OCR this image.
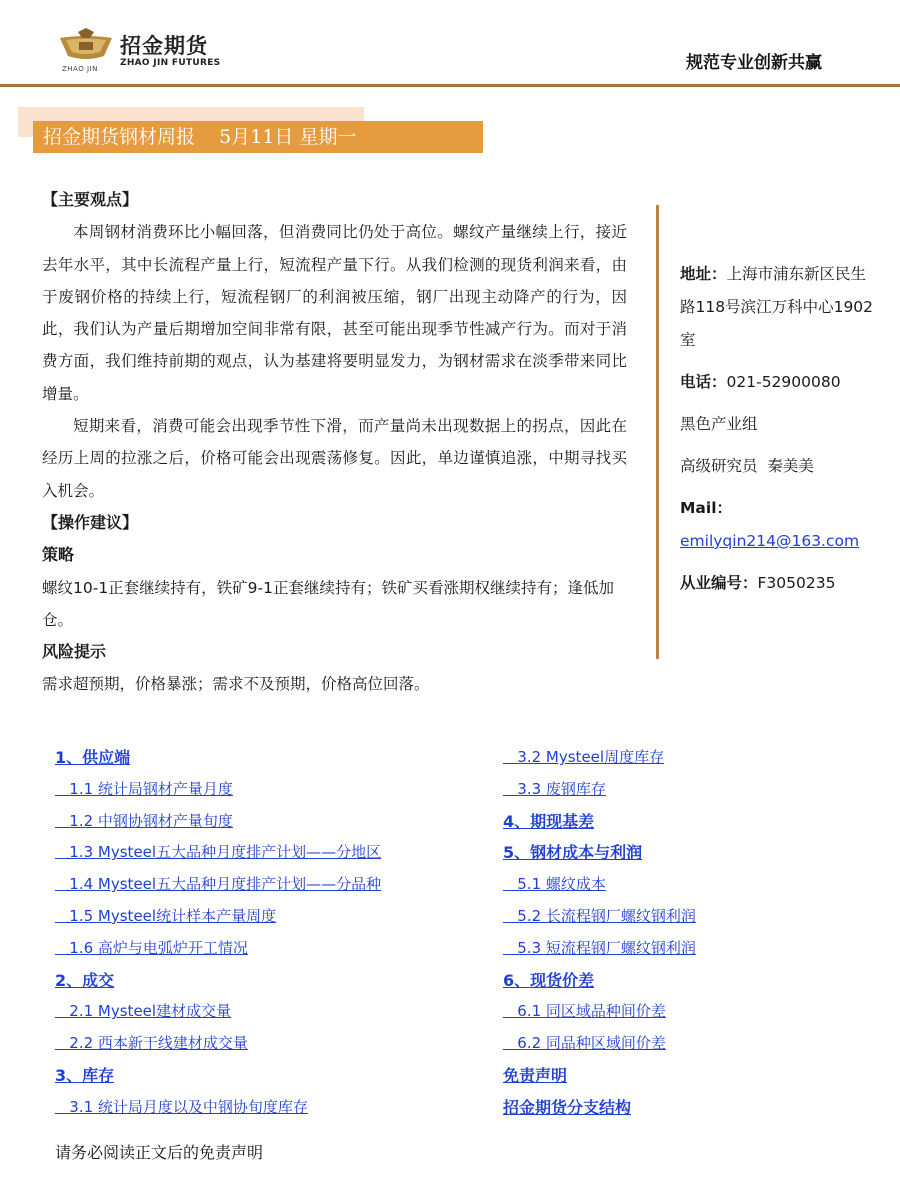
招金期货
ZHAO JIN
ZHAO JIN FUTURES	规范专业创新共赢
招金期货钢材周报    5月11日 星期一
【主要观点】

本周钢材消费环比小幅回落，但消费同比仍处于高位。螺纹产量继续上行，接近去年水平，其中长流程产量上行，短流程产量下行。从我们检测的现货利润来看，由于废钢价格的持续上行，短流程钢厂的利润被压缩，钢厂出现主动降产的行为，因此，我们认为产量后期增加空间非常有限，甚至可能出现季节性减产行为。而对于消费方面，我们维持前期的观点，认为基建将要明显发力，为钢材需求在淡季带来同比增量。

短期来看，消费可能会出现季节性下滑，而产量尚未出现数据上的拐点，因此在经历上周的拉涨之后，价格可能会出现震荡修复。因此，单边谨慎追涨，中期寻找买入机会。

【操作建议】
策略

螺纹10-1正套继续持有，铁矿9-1正套继续持有；铁矿买看涨期权继续持有；逢低加仓。

风险提示

需求超预期，价格暴涨；需求不及预期，价格高位回落。

地址：上海市浦东新区民生路118号滨江万科中心1902室
电话：021-52900080
黑色产业组
高级研究员  秦美美
Mail：
emilyqin214@163.com
从业编号：F3050235
1、供应端
1.1 统计局钢材产量月度
1.2 中钢协钢材产量旬度
1.3 Mysteel五大品种月度排产计划——分地区
1.4 Mysteel五大品种月度排产计划——分品种
1.5 Mysteel统计样本产量周度
1.6 高炉与电弧炉开工情况
2、成交
2.1 Mysteel建材成交量
2.2 西本新干线建材成交量
3、库存
3.1 统计局月度以及中钢协旬度库存
3.2 Mysteel周度库存
3.3 废钢库存
4、期现基差
5、钢材成本与利润
5.1 螺纹成本
5.2 长流程钢厂螺纹钢利润
5.3 短流程钢厂螺纹钢利润
6、现货价差
6.1 同区域品种间价差
6.2 同品种区域间价差
免责声明
招金期货分支结构
请务必阅读正文后的免责声明
